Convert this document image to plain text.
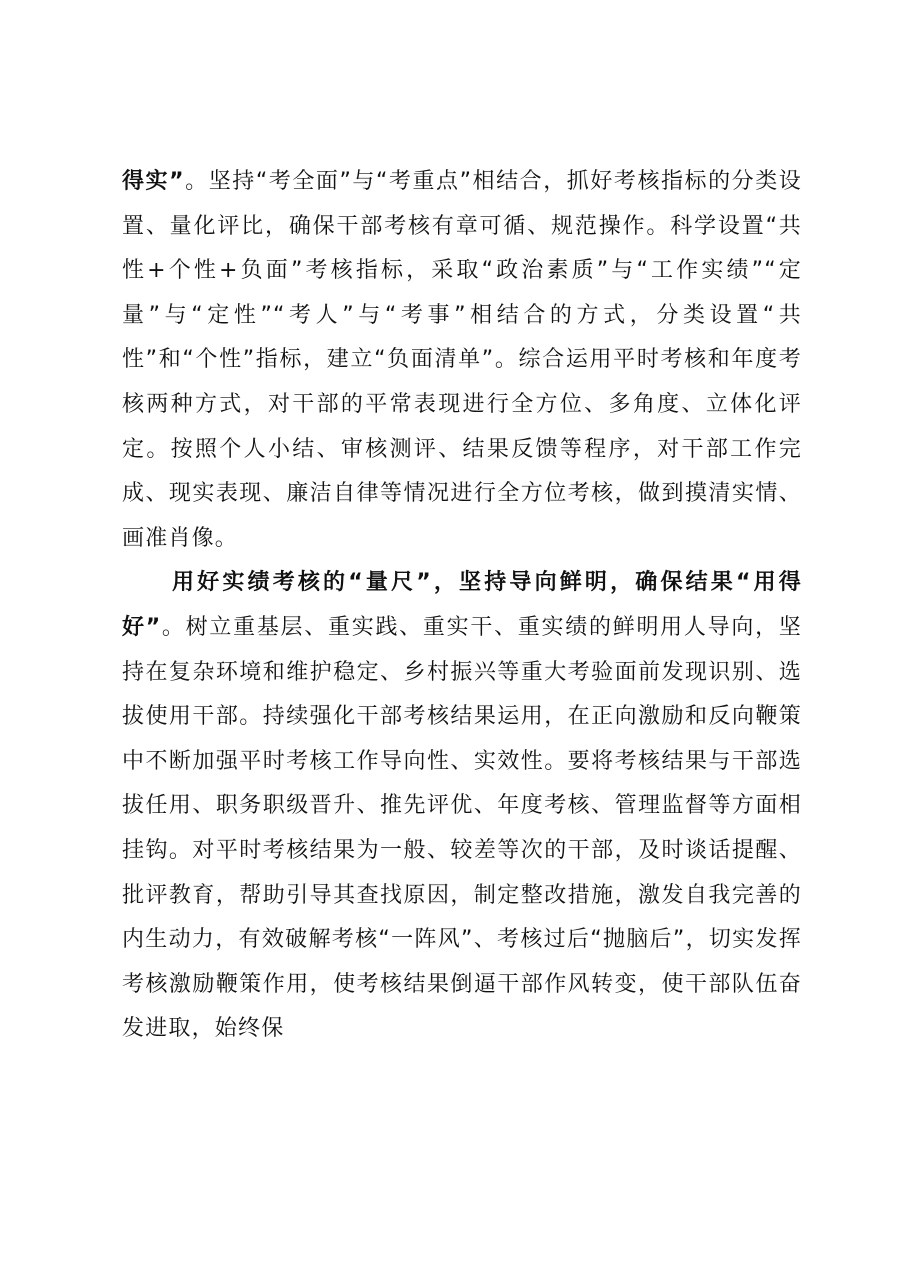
得实”。坚持“考全面”与“考重点”相结合，抓好考核指标的分类设置、量化评比，确保干部考核有章可循、规范操作。科学设置“共性+个性+负面”考核指标，采取“政治素质”与“工作实绩”“定量”与“定性”“考人”与“考事”相结合的方式，分类设置“共性”和“个性”指标，建立“负面清单”。综合运用平时考核和年度考核两种方式，对干部的平常表现进行全方位、多角度、立体化评定。按照个人小结、审核测评、结果反馈等程序，对干部工作完成、现实表现、廉洁自律等情况进行全方位考核，做到摸清实情、画准肖像。

用好实绩考核的“量尺”，坚持导向鲜明，确保结果“用得好”。树立重基层、重实践、重实干、重实绩的鲜明用人导向，坚持在复杂环境和维护稳定、乡村振兴等重大考验面前发现识别、选拔使用干部。持续强化干部考核结果运用，在正向激励和反向鞭策中不断加强平时考核工作导向性、实效性。要将考核结果与干部选拔任用、职务职级晋升、推先评优、年度考核、管理监督等方面相挂钩。对平时考核结果为一般、较差等次的干部，及时谈话提醒、批评教育，帮助引导其查找原因，制定整改措施，激发自我完善的内生动力，有效破解考核“一阵风”、考核过后“抛脑后”，切实发挥考核激励鞭策作用，使考核结果倒逼干部作风转变，使干部队伍奋发进取，始终保
